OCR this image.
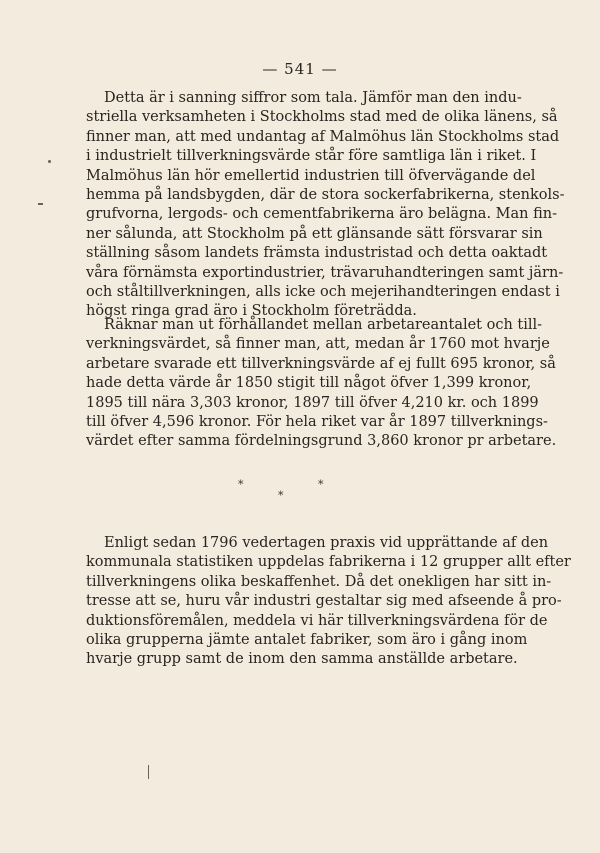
— 541 —
Detta är i sanning siffror som tala. Jämför man den indu-
striella verksamheten i Stockholms stad med de olika länens, så
finner man, att med undantag af Malmöhus län Stockholms stad
i industrielt tillverkningsvärde står före samtliga län i riket. I
Malmöhus län hör emellertid industrien till öfvervägande del
hemma på landsbygden, där de stora sockerfabrikerna, stenkols-
grufvorna, lergods- och cementfabrikerna äro belägna. Man fin-
ner sålunda, att Stockholm på ett glänsande sätt försvarar sin
ställning såsom landets främsta industristad och detta oaktadt
våra förnämsta exportindustrier, trävaruhandteringen samt järn-
och ståltillverkningen, alls icke och mejerihandteringen endast i
högst ringa grad äro i Stockholm företrädda.
Räknar man ut förhållandet mellan arbetareantalet och till-
verkningsvärdet, så finner man, att, medan år 1760 mot hvarje
arbetare svarade ett tillverkningsvärde af ej fullt 695 kronor, så
hade detta värde år 1850 stigit till något öfver 1,399 kronor,
1895 till nära 3,303 kronor, 1897 till öfver 4,210 kr. och 1899
till öfver 4,596 kronor. För hela riket var år 1897 tillverknings-
värdet efter samma fördelningsgrund 3,860 kronor pr arbetare.
*	*
*
Enligt sedan 1796 vedertagen praxis vid upprättande af den
kommunala statistiken uppdelas fabrikerna i 12 grupper allt efter
tillverkningens olika beskaffenhet. Då det onekligen har sitt in-
tresse att se, huru vår industri gestaltar sig med afseende å pro-
duktionsföremålen, meddela vi här tillverkningsvärdena för de
olika grupperna jämte antalet fabriker, som äro i gång inom
hvarje grupp samt de inom den samma anställde arbetare.
